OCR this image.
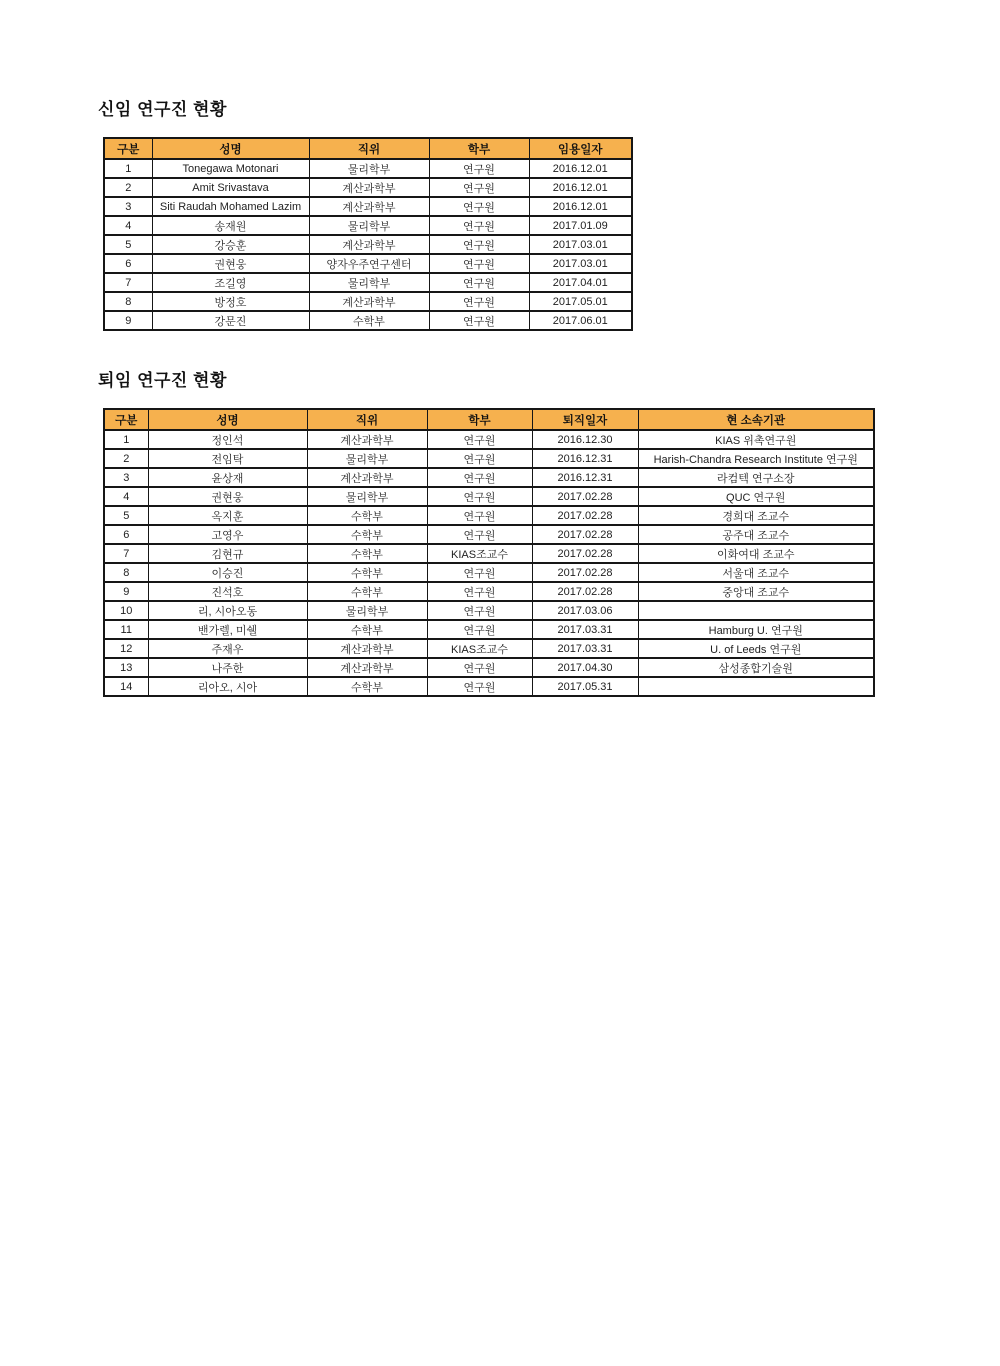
신임 연구진 현황
구분	성명	직위	학부	임용일자
1	Tonegawa Motonari	물리학부	연구원	2016.12.01
2	Amit Srivastava	계산과학부	연구원	2016.12.01
3	Siti Raudah Mohamed Lazim	계산과학부	연구원	2016.12.01
4	송재원	물리학부	연구원	2017.01.09
5	강승훈	계산과학부	연구원	2017.03.01
6	권현웅	양자우주연구센터	연구원	2017.03.01
7	조길영	물리학부	연구원	2017.04.01
8	방정호	계산과학부	연구원	2017.05.01
9	강문진	수학부	연구원	2017.06.01
퇴임 연구진 현황
구분	성명	직위	학부	퇴직일자	현 소속기관
1	정인석	계산과학부	연구원	2016.12.30	KIAS 위촉연구원
2	전임탁	물리학부	연구원	2016.12.31	Harish-Chandra Research Institute 연구원
3	윤상재	계산과학부	연구원	2016.12.31	라컴텍 연구소장
4	권현웅	물리학부	연구원	2017.02.28	QUC 연구원
5	옥지훈	수학부	연구원	2017.02.28	경희대 조교수
6	고영우	수학부	연구원	2017.02.28	공주대 조교수
7	김현규	수학부	KIAS조교수	2017.02.28	이화여대 조교수
8	이승진	수학부	연구원	2017.02.28	서울대 조교수
9	진석호	수학부	연구원	2017.02.28	중앙대 조교수
10	리, 시아오동	물리학부	연구원	2017.03.06	
11	밴가렐, 미쉘	수학부	연구원	2017.03.31	Hamburg U. 연구원
12	주재우	계산과학부	KIAS조교수	2017.03.31	U. of Leeds 연구원
13	나주한	계산과학부	연구원	2017.04.30	삼성종합기술원
14	리아오, 시아	수학부	연구원	2017.05.31	
